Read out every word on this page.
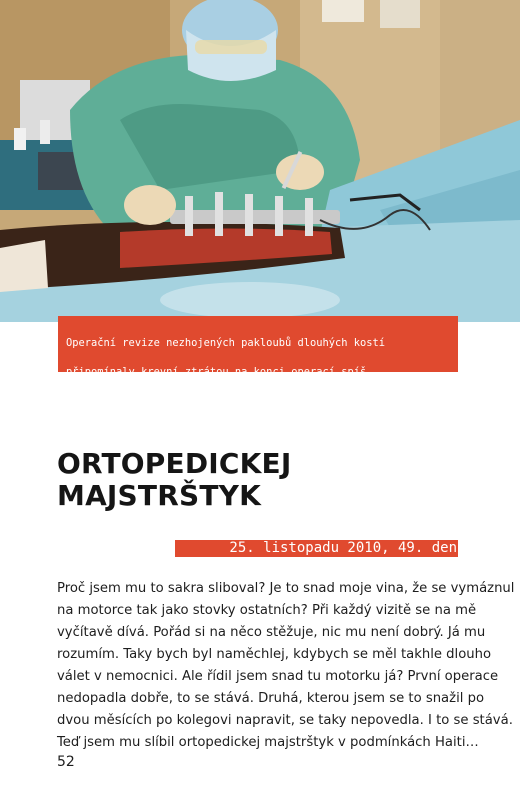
Operační revize nezhojených pakloubů dlouhých kostí

připomínaly krevní ztrátou na konci operací spíš

střelná poranění velkou ráží.

ORTOPEDICKEJ
MAJSTRŠTYK
25. listopadu 2010, 49. den
Proč jsem mu to sakra sliboval? Je to snad moje vina, že se vymáznul
na motorce tak jako stovky ostatních? Při každý vizitě se na mě
vyčítavě dívá. Pořád si na něco stěžuje, nic mu není dobrý. Já mu
rozumím. Taky bych byl naměchlej, kdybych se měl takhle dlouho
válet v nemocnici. Ale řídil jsem snad tu motorku já? První operace
nedopadla dobře, to se stává. Druhá, kterou jsem se to snažil po
dvou měsících po kolegovi napravit, se taky nepovedla. I to se stává.
Teď jsem mu slíbil ortopedickej majstrštyk v podmínkách Haiti…
52
